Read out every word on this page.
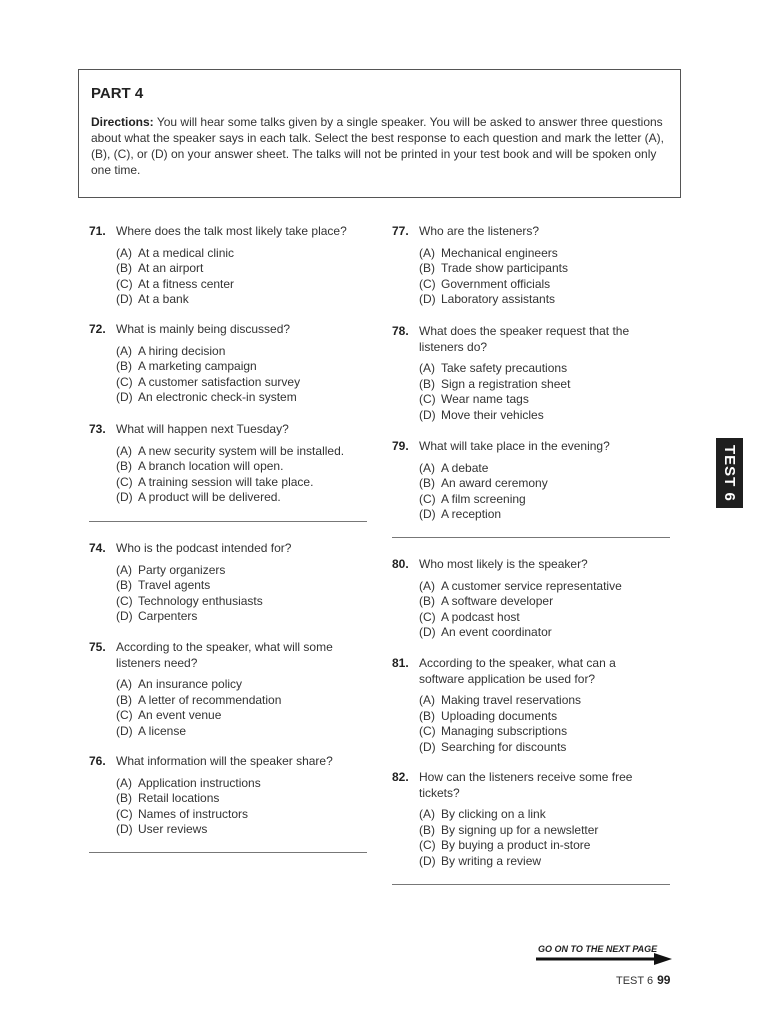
PART 4
Directions: You will hear some talks given by a single speaker. You will be asked to answer three questions about what the speaker says in each talk. Select the best response to each question and mark the letter (A), (B), (C), or (D) on your answer sheet. The talks will not be printed in your test book and will be spoken only one time.
71. Where does the talk most likely take place?
(A) At a medical clinic
(B) At an airport
(C) At a fitness center
(D) At a bank
72. What is mainly being discussed?
(A) A hiring decision
(B) A marketing campaign
(C) A customer satisfaction survey
(D) An electronic check-in system
73. What will happen next Tuesday?
(A) A new security system will be installed.
(B) A branch location will open.
(C) A training session will take place.
(D) A product will be delivered.
74. Who is the podcast intended for?
(A) Party organizers
(B) Travel agents
(C) Technology enthusiasts
(D) Carpenters
75. According to the speaker, what will some listeners need?
(A) An insurance policy
(B) A letter of recommendation
(C) An event venue
(D) A license
76. What information will the speaker share?
(A) Application instructions
(B) Retail locations
(C) Names of instructors
(D) User reviews
77. Who are the listeners?
(A) Mechanical engineers
(B) Trade show participants
(C) Government officials
(D) Laboratory assistants
78. What does the speaker request that the listeners do?
(A) Take safety precautions
(B) Sign a registration sheet
(C) Wear name tags
(D) Move their vehicles
79. What will take place in the evening?
(A) A debate
(B) An award ceremony
(C) A film screening
(D) A reception
80. Who most likely is the speaker?
(A) A customer service representative
(B) A software developer
(C) A podcast host
(D) An event coordinator
81. According to the speaker, what can a software application be used for?
(A) Making travel reservations
(B) Uploading documents
(C) Managing subscriptions
(D) Searching for discounts
82. How can the listeners receive some free tickets?
(A) By clicking on a link
(B) By signing up for a newsletter
(C) By buying a product in-store
(D) By writing a review
TEST 6
GO ON TO THE NEXT PAGE
TEST 6 99
